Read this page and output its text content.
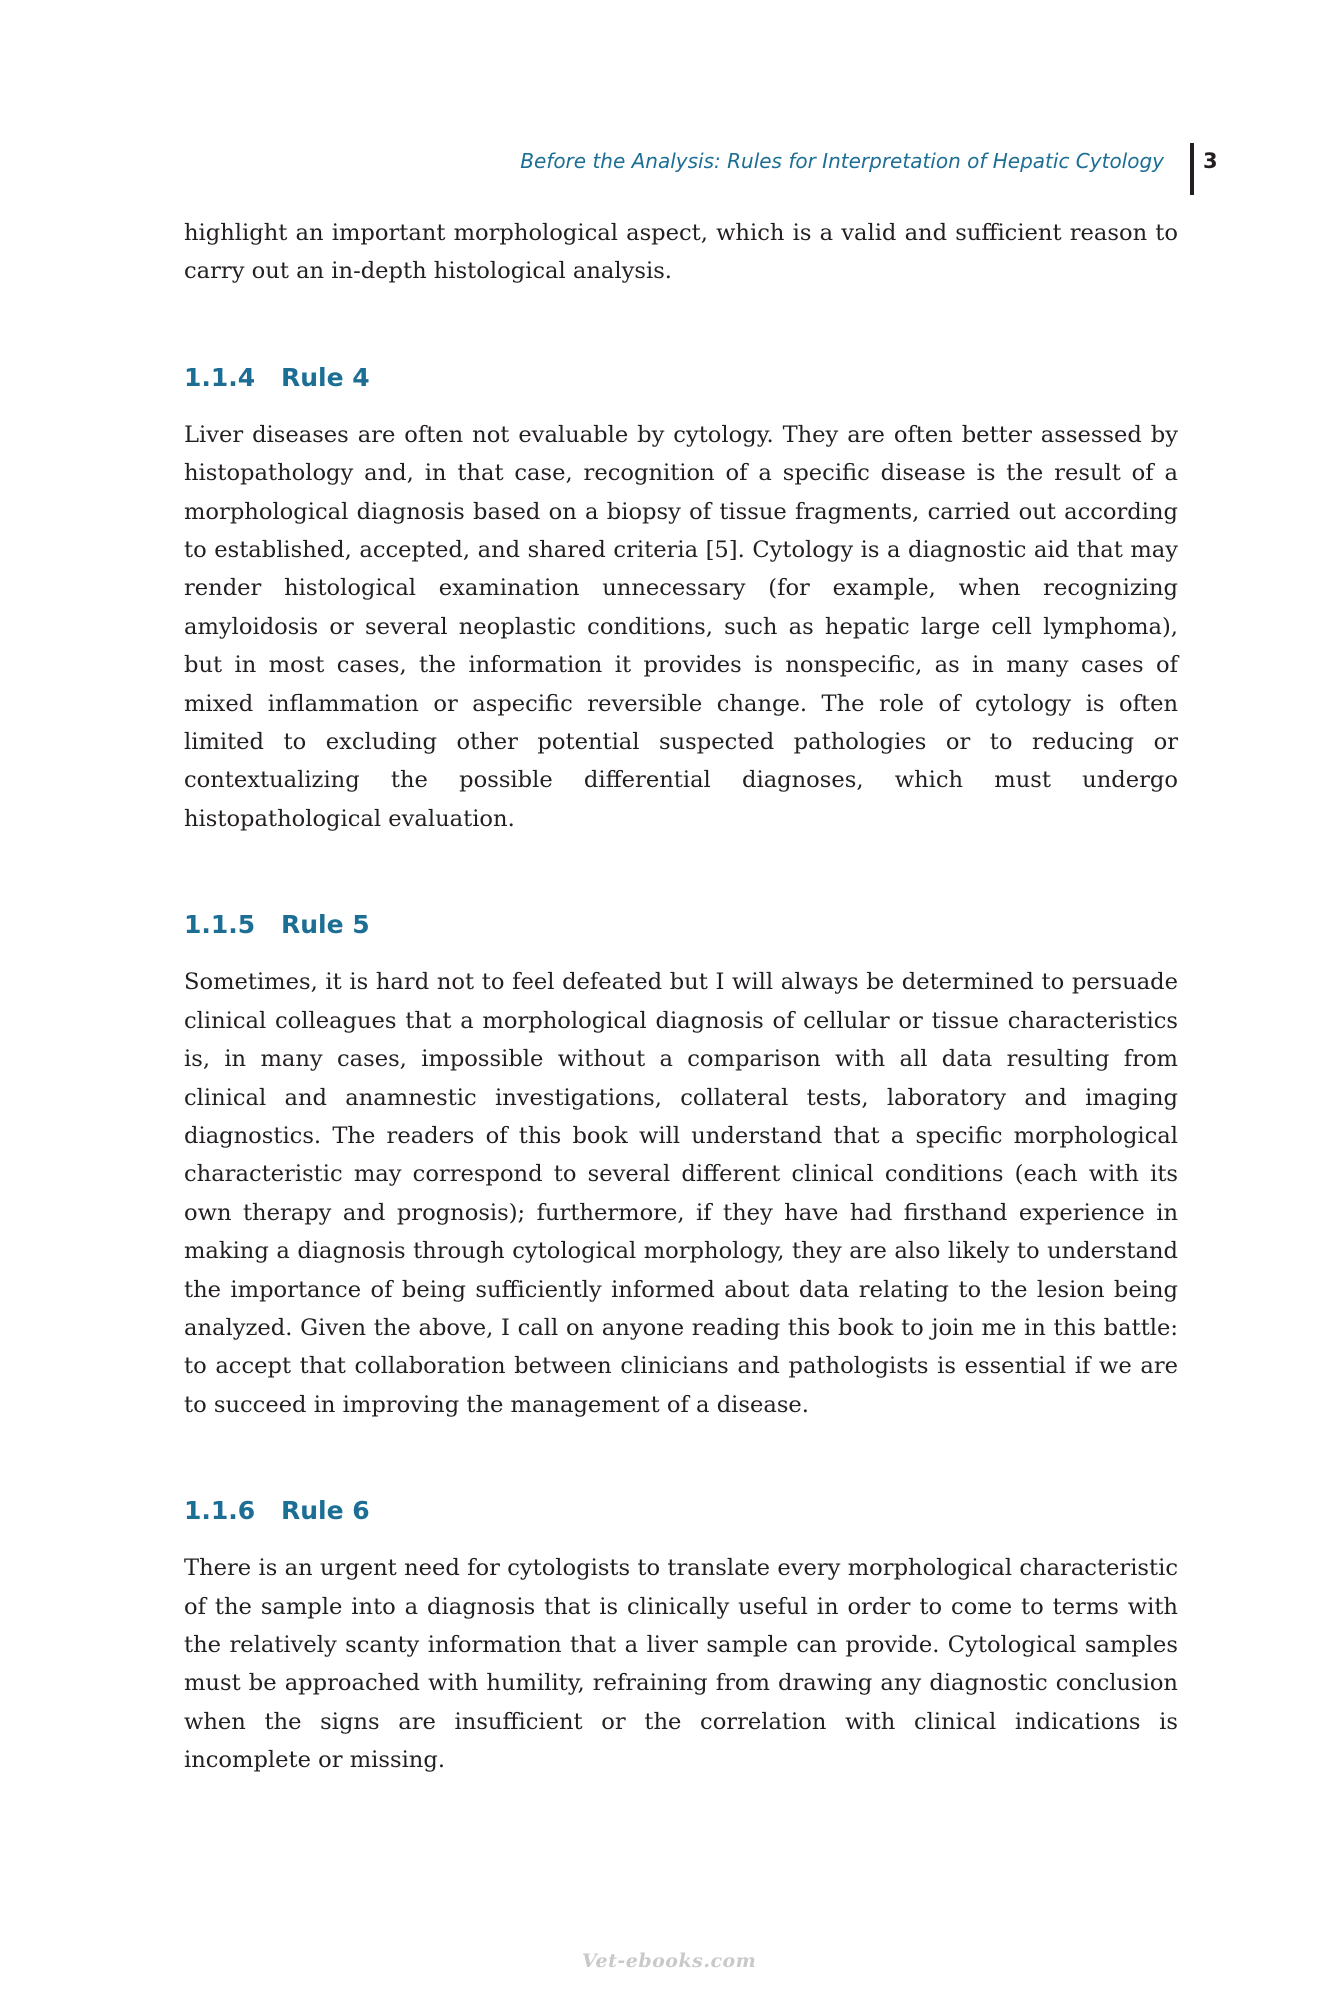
Before the Analysis: Rules for Interpretation of Hepatic Cytology 3

highlight an important morphological aspect, which is a valid and sufficient reason to carry out an in-depth histological analysis.

1.1.4 Rule 4

Liver diseases are often not evaluable by cytology. They are often better assessed by histopathology and, in that case, recognition of a specific disease is the result of a morphological diagnosis based on a biopsy of tissue fragments, carried out according to established, accepted, and shared criteria [5]. Cytology is a diagnostic aid that may render histological examination unnecessary (for example, when recognizing amyloidosis or several neoplastic conditions, such as hepatic large cell lymphoma), but in most cases, the information it provides is nonspecific, as in many cases of mixed inflammation or aspecific reversible change. The role of cytology is often limited to excluding other potential suspected pathologies or to reducing or contextualizing the possible differential diagnoses, which must undergo histopathological evaluation.

1.1.5 Rule 5

Sometimes, it is hard not to feel defeated but I will always be determined to persuade clinical colleagues that a morphological diagnosis of cellular or tissue characteristics is, in many cases, impossible without a comparison with all data resulting from clinical and anamnestic investigations, collateral tests, laboratory and imaging diagnostics. The readers of this book will understand that a specific morphological characteristic may correspond to several different clinical conditions (each with its own therapy and prognosis); furthermore, if they have had firsthand experience in making a diagnosis through cytological morphology, they are also likely to understand the importance of being sufficiently informed about data relating to the lesion being analyzed. Given the above, I call on anyone reading this book to join me in this battle: to accept that collaboration between clinicians and pathologists is essential if we are to succeed in improving the management of a disease.

1.1.6 Rule 6

There is an urgent need for cytologists to translate every morphological characteristic of the sample into a diagnosis that is clinically useful in order to come to terms with the relatively scanty information that a liver sample can provide. Cytological samples must be approached with humility, refraining from drawing any diagnostic conclusion when the signs are insufficient or the correlation with clinical indications is incomplete or missing.

Vet-ebooks.com
